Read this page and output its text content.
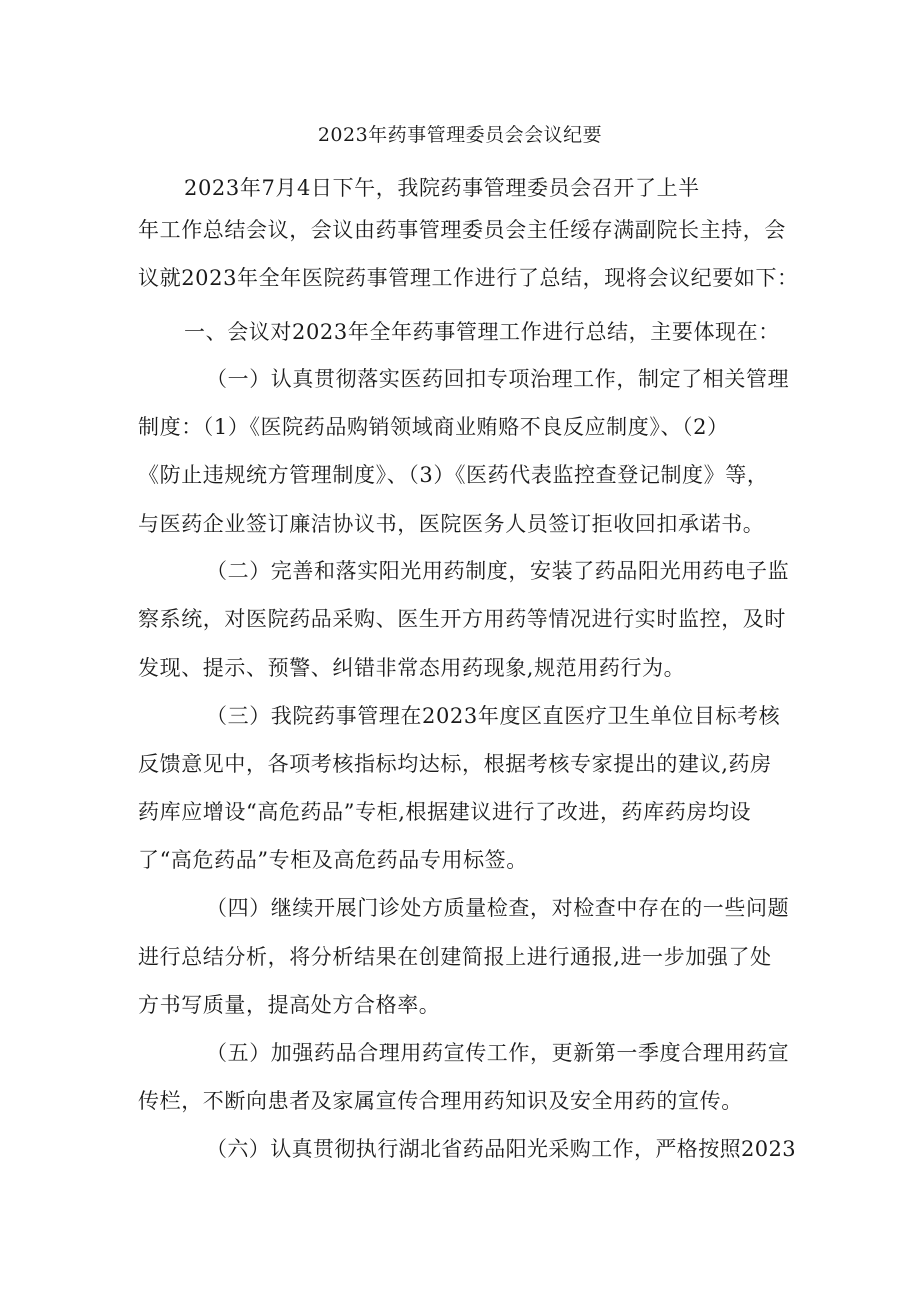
2023年药事管理委员会会议纪要
2023年7月4日下午，我院药事管理委员会召开了上半
年工作总结会议，会议由药事管理委员会主任绥存满副院长主持，会
议就2023年全年医院药事管理工作进行了总结，现将会议纪要如下：
一、会议对2023年全年药事管理工作进行总结，主要体现在：
（一）认真贯彻落实医药回扣专项治理工作，制定了相关管理
制度：（1）《医院药品购销领域商业贿赂不良反应制度》、（2）
《防止违规统方管理制度》、（3）《医药代表监控查登记制度》等，
与医药企业签订廉洁协议书，医院医务人员签订拒收回扣承诺书。
（二）完善和落实阳光用药制度，安装了药品阳光用药电子监
察系统，对医院药品采购、医生开方用药等情况进行实时监控，及时
发现、提示、预警、纠错非常态用药现象,规范用药行为。
（三）我院药事管理在2023年度区直医疗卫生单位目标考核
反馈意见中，各项考核指标均达标，根据考核专家提出的建议,药房
药库应增设“高危药品”专柜,根据建议进行了改进，药库药房均设
了“高危药品”专柜及高危药品专用标签。
（四）继续开展门诊处方质量检查，对检查中存在的一些问题
进行总结分析，将分析结果在创建简报上进行通报,进一步加强了处
方书写质量，提高处方合格率。
（五）加强药品合理用药宣传工作，更新第一季度合理用药宣
传栏，不断向患者及家属宣传合理用药知识及安全用药的宣传。
（六）认真贯彻执行湖北省药品阳光采购工作，严格按照2023
